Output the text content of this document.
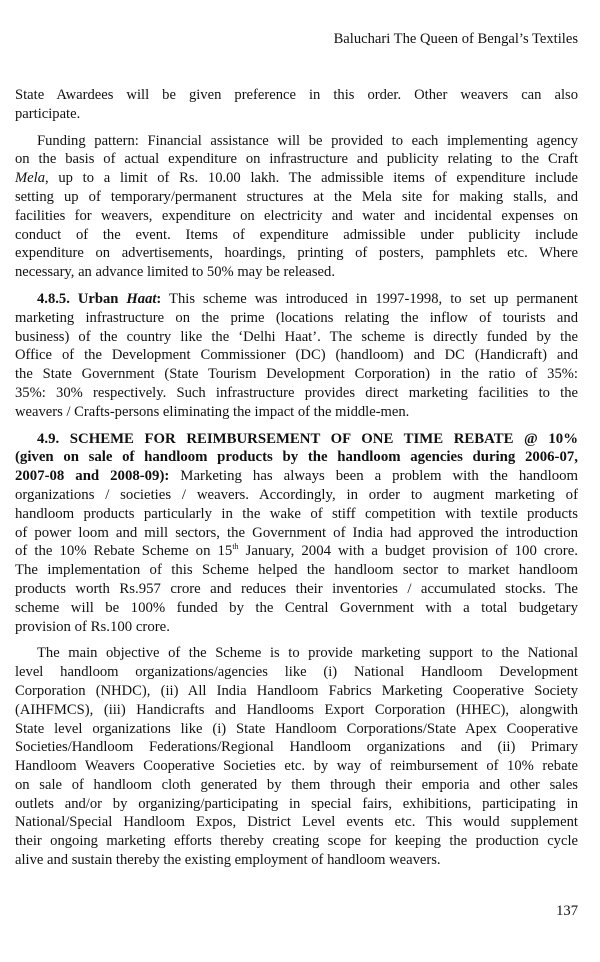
Baluchari The Queen of Bengal’s Textiles
State Awardees will be given preference in this order. Other weavers can also
participate.
Funding pattern: Financial assistance will be provided to each implementing agency
on the basis of actual expenditure on infrastructure and publicity relating to the Craft
Mela, up to a limit of Rs. 10.00 lakh. The admissible items of expenditure include
setting up of temporary/permanent structures at the Mela site for making stalls, and
facilities for weavers, expenditure on electricity and water and incidental expenses on
conduct of the event. Items of expenditure admissible under publicity include
expenditure on advertisements, hoardings, printing of posters, pamphlets etc. Where
necessary, an advance limited to 50% may be released.
4.8.5. Urban Haat: This scheme was introduced in 1997-1998, to set up permanent
marketing infrastructure on the prime (locations relating the inflow of tourists and
business) of the country like the ‘Delhi Haat’. The scheme is directly funded by the
Office of the Development Commissioner (DC) (handloom) and DC (Handicraft) and
the State Government (State Tourism Development Corporation) in the ratio of 35%:
35%: 30% respectively. Such infrastructure provides direct marketing facilities to the
weavers / Crafts-persons eliminating the impact of the middle-men.
4.9. SCHEME FOR REIMBURSEMENT OF ONE TIME REBATE @ 10%
(given on sale of handloom products by the handloom agencies during 2006-07,
2007-08 and 2008-09): Marketing has always been a problem with the handloom
organizations / societies / weavers. Accordingly, in order to augment marketing of
handloom products particularly in the wake of stiff competition with textile products
of power loom and mill sectors, the Government of India had approved the introduction
of the 10% Rebate Scheme on 15th January, 2004 with a budget provision of 100 crore.
The implementation of this Scheme helped the handloom sector to market handloom
products worth Rs.957 crore and reduces their inventories / accumulated stocks. The
scheme will be 100% funded by the Central Government with a total budgetary
provision of Rs.100 crore.
The main objective of the Scheme is to provide marketing support to the National
level handloom organizations/agencies like (i) National Handloom Development
Corporation (NHDC), (ii) All India Handloom Fabrics Marketing Cooperative Society
(AIHFMCS), (iii) Handicrafts and Handlooms Export Corporation (HHEC), alongwith
State level organizations like (i) State Handloom Corporations/State Apex Cooperative
Societies/Handloom Federations/Regional Handloom organizations and (ii) Primary
Handloom Weavers Cooperative Societies etc. by way of reimbursement of 10% rebate
on sale of handloom cloth generated by them through their emporia and other sales
outlets and/or by organizing/participating in special fairs, exhibitions, participating in
National/Special Handloom Expos, District Level events etc. This would supplement
their ongoing marketing efforts thereby creating scope for keeping the production cycle
alive and sustain thereby the existing employment of handloom weavers.
137
